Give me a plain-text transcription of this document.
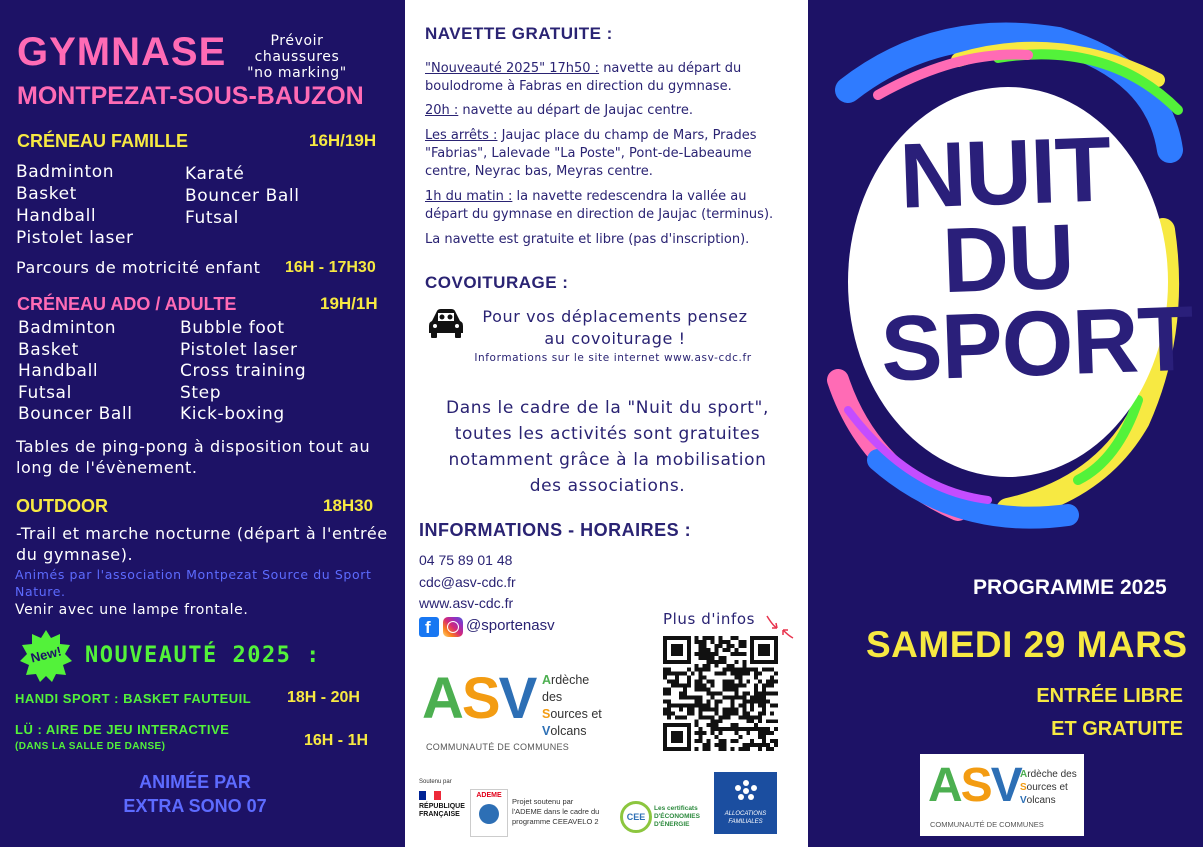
GYMNASE
MONTPEZAT-SOUS-BAUZON
Prévoir chaussures
"no marking"
CRÉNEAU FAMILLE	16H/19H
Badminton
Basket
Handball
Pistolet laser
Karaté
Bouncer Ball
Futsal
Parcours de motricité enfant 16H - 17H30
CRÉNEAU ADO / ADULTE	19H/1H
Badminton
Basket
Handball
Futsal
Bouncer Ball
Bubble foot
Pistolet laser
Cross training
Step
Kick-boxing
Tables de ping-pong à disposition tout au
long de l'évènement.
OUTDOOR	18H30
-Trail et marche nocturne (départ à l'entrée
du gymnase).
Animés par l'association Montpezat Source du Sport
Nature.
Venir avec une lampe frontale.
New!	NOUVEAUTÉ 2025 :
HANDI SPORT : BASKET FAUTEUIL 18H - 20H
LÜ : AIRE DE JEU INTERACTIVE
(DANS LA SALLE DE DANSE)	16H - 1H
ANIMÉE PAR
EXTRA SONO 07
NAVETTE GRATUITE :
"Nouveauté 2025" 17h50 : navette au départ du
boulodrome à Fabras en direction du gymnase.
20h : navette au départ de Jaujac centre.
Les arrêts : Jaujac place du champ de Mars, Prades
"Fabrias", Lalevade "La Poste", Pont-de-Labeaume
centre, Neyrac bas, Meyras centre.
1h du matin : la navette redescendra la vallée au
départ du gymnase en direction de Jaujac (terminus).
La navette est gratuite et libre (pas d'inscription).
COVOITURAGE :
Pour vos déplacements pensez
au covoiturage !
Informations sur le site internet www.asv-cdc.fr
Dans le cadre de la "Nuit du sport",
toutes les activités sont gratuites
notamment grâce à la mobilisation
des associations.
INFORMATIONS - HORAIRES :
04 75 89 01 48
cdc@asv-cdc.fr
www.asv-cdc.fr
f @sportenasv	Plus d'infos
ASV Ardèche des
Sources et
Volcans
COMMUNAUTÉ DE COMMUNES
Soutenu par
RÉPUBLIQUE
FRANÇAISE
ADEME
Projet soutenu par
l'ADEME dans le cadre du
programme CEEAVELO 2	CEE
Les certificats
D'ÉCONOMIES
D'ÉNERGIE
ALLOCATIONS
FAMILIALES
NUIT
DU
SPORT
PROGRAMME 2025
SAMEDI 29 MARS
ENTRÉE LIBRE
ET GRATUITE
ASV Ardèche des
Sources et
Volcans
COMMUNAUTÉ DE COMMUNES
